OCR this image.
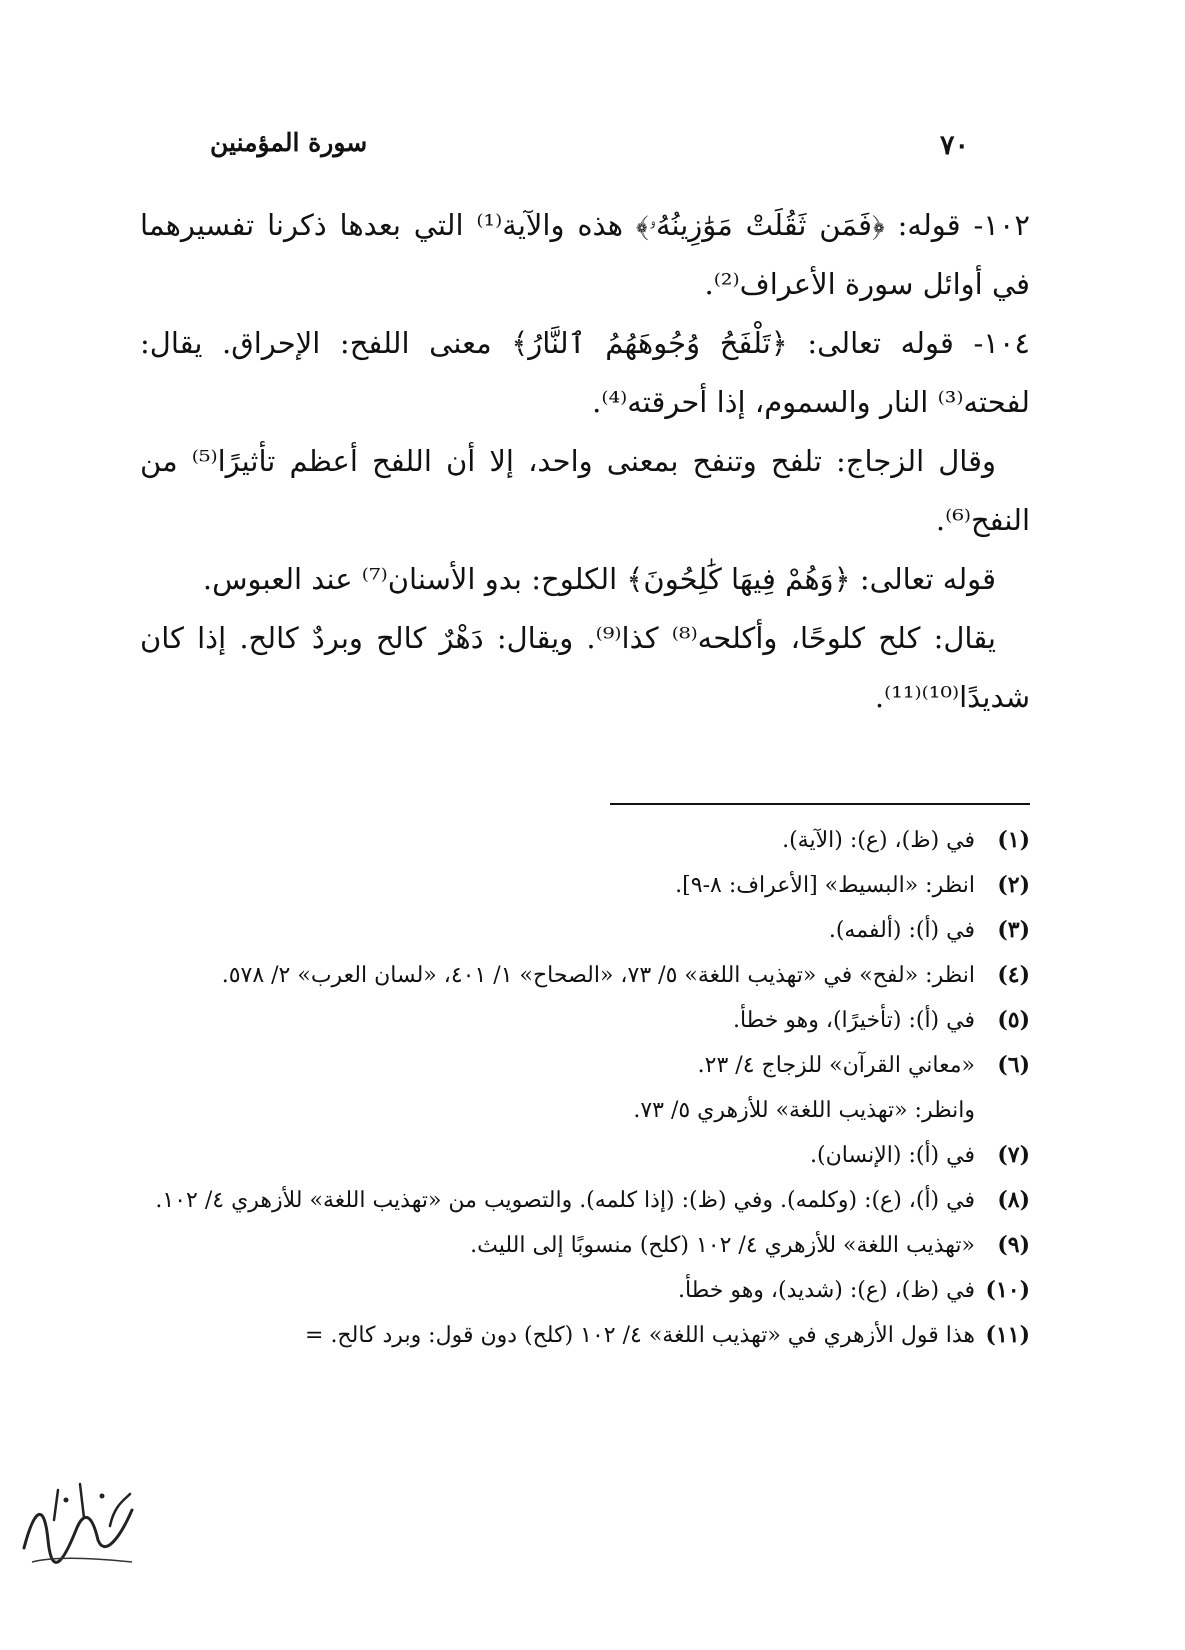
سورة المؤمنين	٧٠

١٠٢- قوله: ﴿فَمَن ثَقُلَتْ مَوَٰزِينُهُۥ﴾ هذه والآية⁽¹⁾ التي بعدها ذكرنا تفسيرهما في أوائل سورة الأعراف⁽²⁾.

١٠٤- قوله تعالى: ﴿تَلْفَحُ وُجُوهَهُمُ ٱلنَّارُ﴾ معنى اللفح: الإحراق. يقال: لفحته⁽³⁾ النار والسموم، إذا أحرقته⁽⁴⁾.

وقال الزجاج: تلفح وتنفح بمعنى واحد، إلا أن اللفح أعظم تأثيرًا⁽⁵⁾ من النفح⁽⁶⁾.

قوله تعالى: ﴿وَهُمْ فِيهَا كَٰلِحُونَ﴾ الكلوح: بدو الأسنان⁽⁷⁾ عند العبوس.

يقال: كلح كلوحًا، وأكلحه⁽⁸⁾ كذا⁽⁹⁾. ويقال: دَهْرٌ كالح وبردٌ كالح. إذا كان شديدًا⁽¹⁰⁾⁽¹¹⁾.

(١)
في (ظ)، (ع): (الآية).
(٢)
انظر: «البسيط» [الأعراف: ٨-٩].
(٣)
في (أ): (ألفمه).
(٤)
انظر: «لفح» في «تهذيب اللغة» ٥/ ٧٣، «الصحاح» ١/ ٤٠١، «لسان العرب» ٢/ ٥٧٨.
(٥)
في (أ): (تأخيرًا)، وهو خطأ.
(٦)
«معاني القرآن» للزجاج ٤/ ٢٣.
وانظر: «تهذيب اللغة» للأزهري ٥/ ٧٣.
(٧)
في (أ): (الإنسان).
(٨)
في (أ)، (ع): (وكلمه). وفي (ظ): (إذا كلمه). والتصويب من «تهذيب اللغة» للأزهري ٤/ ١٠٢.
(٩)
«تهذيب اللغة» للأزهري ٤/ ١٠٢ (كلح) منسوبًا إلى الليث.
(١٠)
في (ظ)، (ع): (شديد)، وهو خطأ.
(١١)
هذا قول الأزهري في «تهذيب اللغة» ٤/ ١٠٢ (كلح) دون قول: وبرد كالح. =
